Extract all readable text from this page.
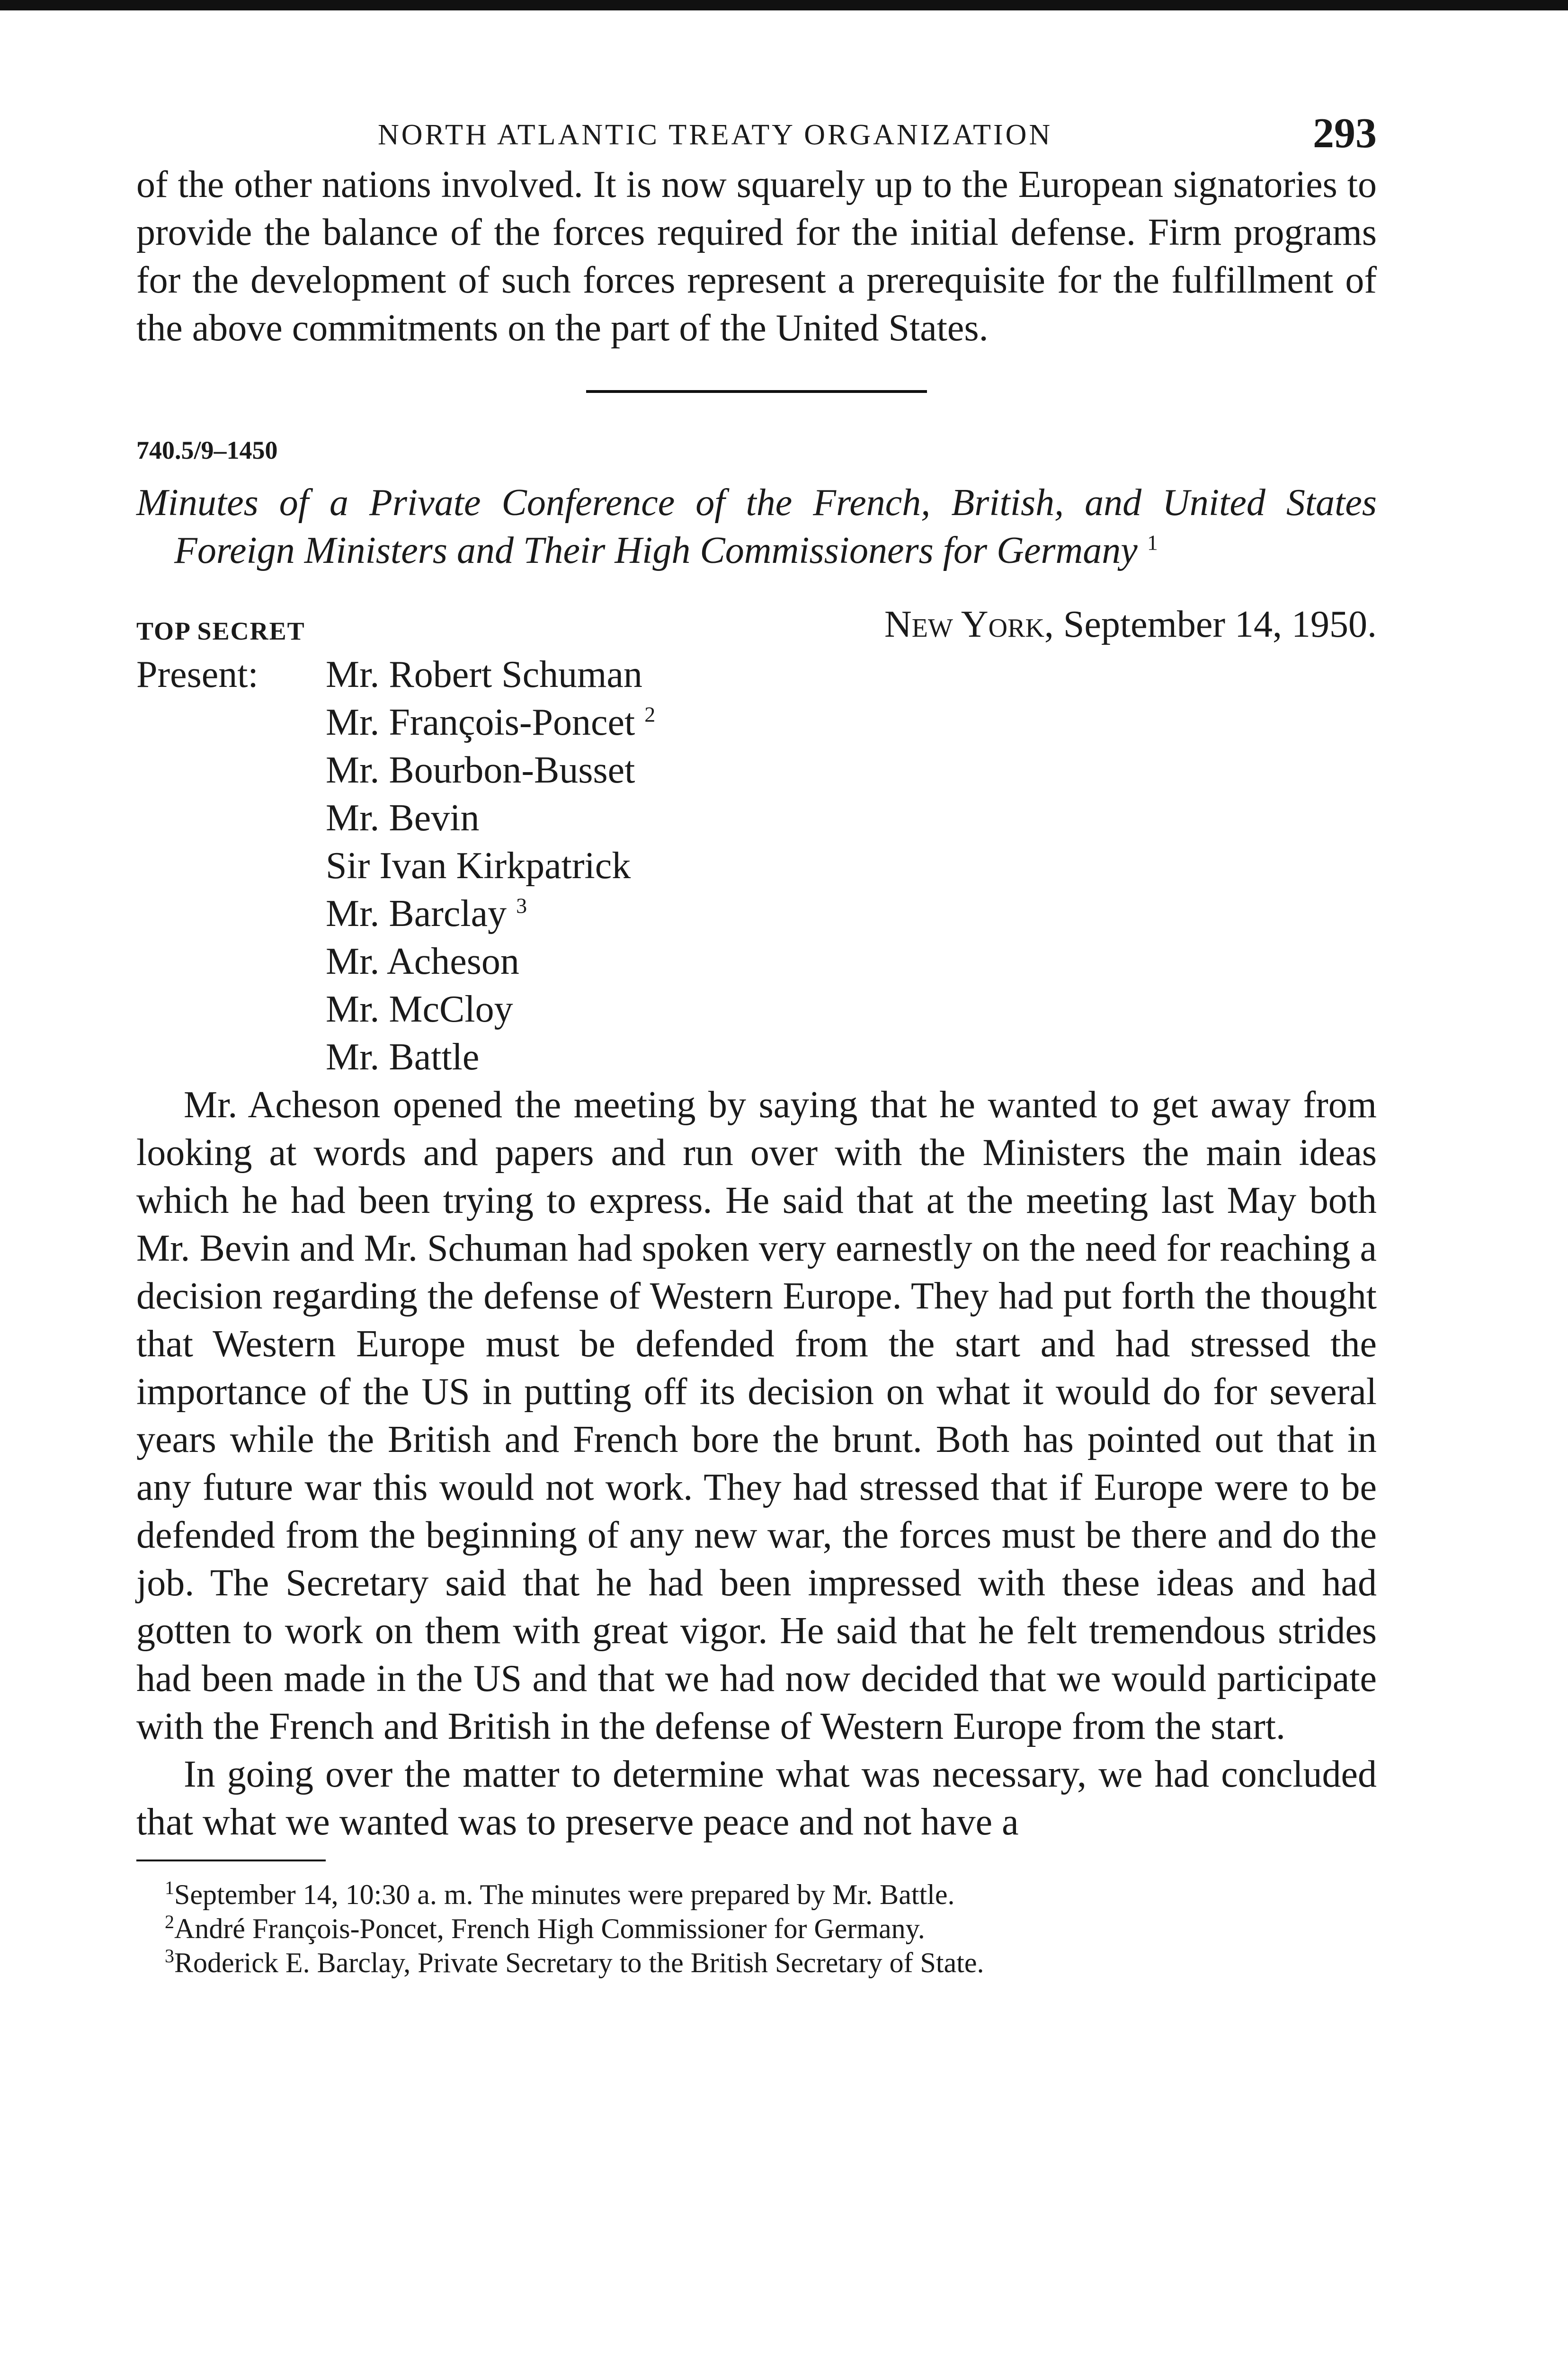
NORTH ATLANTIC TREATY ORGANIZATION	293

of the other nations involved. It is now squarely up to the European signatories to provide the balance of the forces required for the initial defense. Firm programs for the development of such forces represent a prerequisite for the fulfillment of the above commitments on the part of the United States.

740.5/9–1450
Minutes of a Private Conference of the French, British, and United States Foreign Ministers and Their High Commissioners for Germany $^1$
TOP SECRET	New York, September 14, 1950.
Present: Mr. Robert Schuman
Mr. François-Poncet $^2$
Mr. Bourbon-Busset
Mr. Bevin
Sir Ivan Kirkpatrick
Mr. Barclay $^3$
Mr. Acheson
Mr. McCloy
Mr. Battle

Mr. Acheson opened the meeting by saying that he wanted to get away from looking at words and papers and run over with the Ministers the main ideas which he had been trying to express. He said that at the meeting last May both Mr. Bevin and Mr. Schuman had spoken very earnestly on the need for reaching a decision regarding the defense of Western Europe. They had put forth the thought that Western Europe must be defended from the start and had stressed the importance of the US in putting off its decision on what it would do for several years while the British and French bore the brunt. Both has pointed out that in any future war this would not work. They had stressed that if Europe were to be defended from the beginning of any new war, the forces must be there and do the job. The Secretary said that he had been impressed with these ideas and had gotten to work on them with great vigor. He said that he felt tremendous strides had been made in the US and that we had now decided that we would participate with the French and British in the defense of Western Europe from the start.

In going over the matter to determine what was necessary, we had concluded that what we wanted was to preserve peace and not have a

$^1$September 14, 10:30 a. m. The minutes were prepared by Mr. Battle.
$^2$André François-Poncet, French High Commissioner for Germany.
$^3$Roderick E. Barclay, Private Secretary to the British Secretary of State.
